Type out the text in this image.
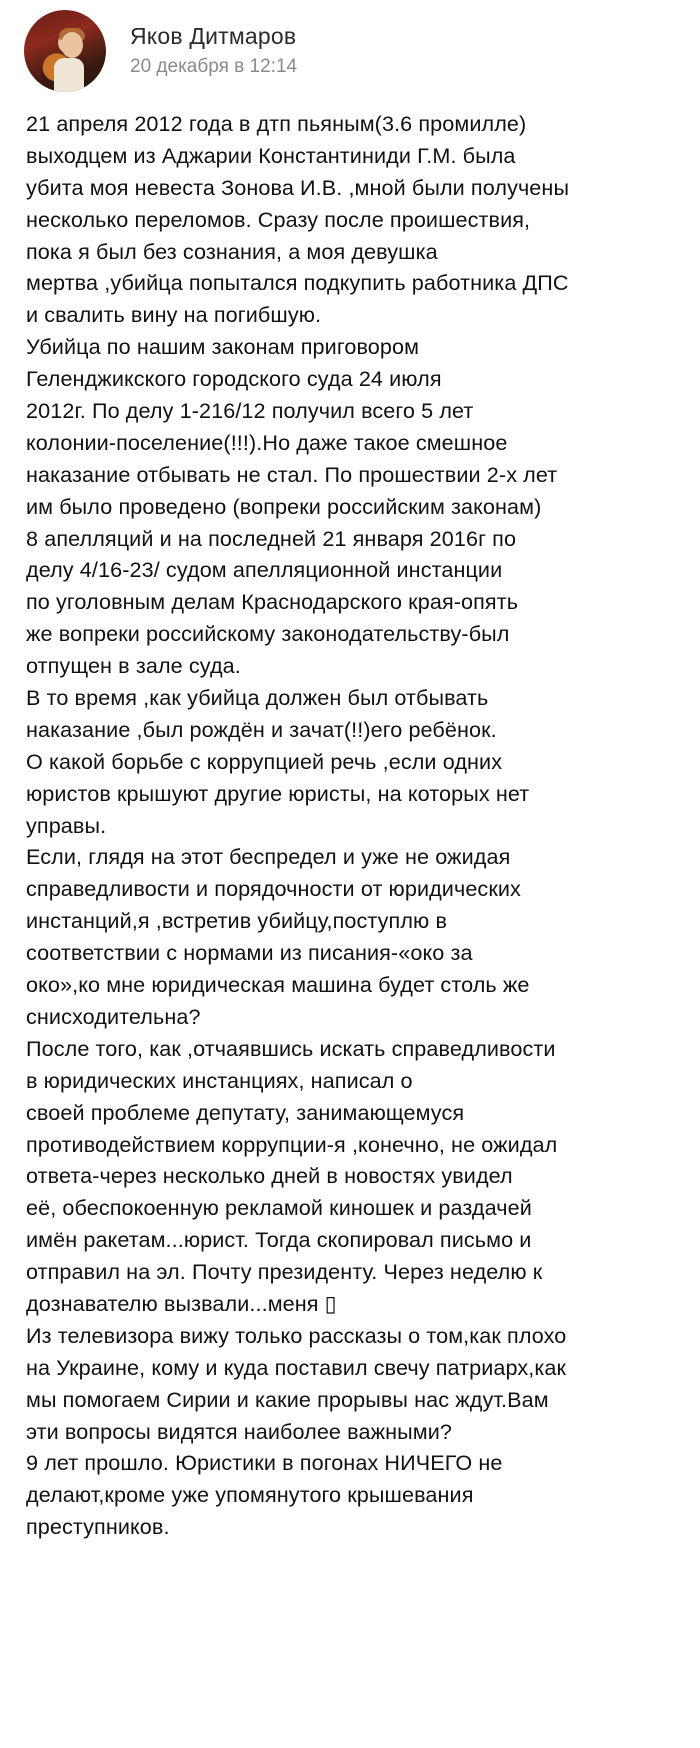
Яков Дитмаров
20 декабря в 12:14
21 апреля 2012 года в дтп пьяным(3.6 промилле)
выходцем из Аджарии Константиниди Г.М. была
убита моя невеста Зонова И.В. ,мной были получены
несколько переломов. Сразу после проишествия,
пока я был без сознания, а моя девушка
мертва ,убийца попытался подкупить работника ДПС
и свалить вину на погибшую.
Убийца по нашим законам приговором
Геленджикского городского суда 24 июля
2012г. По делу 1-216/12 получил всего 5 лет
колонии-поселение(!!!).Но даже такое смешное
наказание отбывать не стал. По прошествии 2-х лет
им было проведено (вопреки российским законам)
8 апелляций и на последней 21 января 2016г по
делу 4/16-23/ судом апелляционной инстанции
по уголовным делам Краснодарского края-опять
же вопреки российскому законодательству-был
отпущен в зале суда.
В то время ,как убийца должен был отбывать
наказание ,был рождён и зачат(!!)его ребёнок.
О какой борьбе с коррупцией речь ,если одних
юристов крышуют другие юристы, на которых нет
управы.
Если, глядя на этот беспредел и уже не ожидая
справедливости и порядочности от юридических
инстанций,я ,встретив убийцу,поступлю в
соответствии с нормами из писания-«око за
око»,ко мне юридическая машина будет столь же
снисходительна?
После того, как ,отчаявшись искать справедливости
в юридических инстанциях, написал о
своей проблеме депутату, занимающемуся
противодействием коррупции-я ,конечно, не ожидал
ответа-через несколько дней в новостях увидел
её, обеспокоенную рекламой киношек и раздачей
имён ракетам...юрист. Тогда скопировал письмо и
отправил на эл. Почту президенту. Через неделю к
дознавателю вызвали...меня ▯
Из телевизора вижу только рассказы о том,как плохо
на Украине, кому и куда поставил свечу патриарх,как
мы помогаем Сирии и какие прорывы нас ждут.Вам
эти вопросы видятся наиболее важными?
9 лет прошло. Юристики в погонах НИЧЕГО не
делают,кроме уже упомянутого крышевания
преступников.
